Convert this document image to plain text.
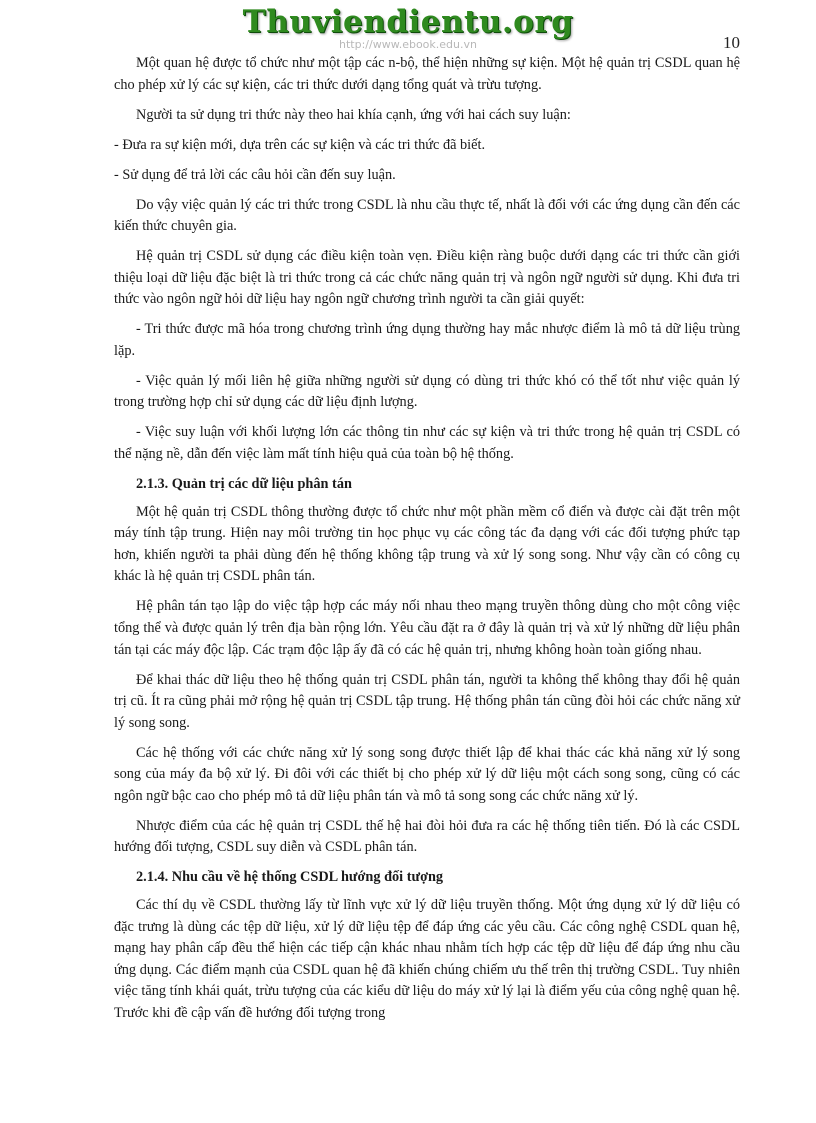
Thuviendientu.org
http://www.ebook.edu.vn	10

Một quan hệ được tổ chức như một tập các n-bộ, thể hiện những sự kiện. Một hệ quản trị CSDL quan hệ cho phép xử lý các sự kiện, các tri thức dưới dạng tổng quát và trừu tượng.

Người ta sử dụng tri thức này theo hai khía cạnh, ứng với hai cách suy luận:

- Đưa ra sự kiện mới, dựa trên các sự kiện và các tri thức đã biết.

- Sử dụng để trả lời các câu hỏi cần đến suy luận.

Do vậy việc quản lý các tri thức trong CSDL là nhu cầu thực tế, nhất là đối với các ứng dụng cần đến các kiến thức chuyên gia.

Hệ quản trị CSDL sử dụng các điều kiện toàn vẹn. Điều kiện ràng buộc dưới dạng các tri thức cần giới thiệu loại dữ liệu đặc biệt là tri thức trong cả các chức năng quản trị và ngôn ngữ người sử dụng. Khi đưa tri thức vào ngôn ngữ hỏi dữ liệu hay ngôn ngữ chương trình người ta cần giải quyết:

- Tri thức được mã hóa trong chương trình ứng dụng thường hay mắc nhược điểm là mô tả dữ liệu trùng lặp.

- Việc quản lý mối liên hệ giữa những người sử dụng có dùng tri thức khó có thể tốt như việc quản lý trong trường hợp chỉ sử dụng các dữ liệu định lượng.

- Việc suy luận với khối lượng lớn các thông tin như các sự kiện và tri thức trong hệ quản trị CSDL có thể nặng nề, dẫn đến việc làm mất tính hiệu quả của toàn bộ hệ thống.

2.1.3. Quản trị các dữ liệu phân tán

Một hệ quản trị CSDL thông thường được tổ chức như một phần mềm cổ điển và được cài đặt trên một máy tính tập trung. Hiện nay môi trường tin học phục vụ các công tác đa dạng với các đối tượng phức tạp hơn, khiến người ta phải dùng đến hệ thống không tập trung và xử lý song song. Như vậy cần có công cụ khác là hệ quản trị CSDL phân tán.

Hệ phân tán tạo lập do việc tập hợp các máy nối nhau theo mạng truyền thông dùng cho một công việc tổng thể và được quản lý trên địa bàn rộng lớn. Yêu cầu đặt ra ở đây là quản trị và xử lý những dữ liệu phân tán tại các máy độc lập. Các trạm độc lập ấy đã có các hệ quản trị, nhưng không hoàn toàn giống nhau.

Để khai thác dữ liệu theo hệ thống quản trị CSDL phân tán, người ta không thể không thay đổi hệ quản trị cũ. Ít ra cũng phải mở rộng hệ quản trị CSDL tập trung. Hệ thống phân tán cũng đòi hỏi các chức năng xử lý song song.

Các hệ thống với các chức năng xử lý song song được thiết lập để khai thác các khả năng xử lý song song của máy đa bộ xử lý. Đi đôi với các thiết bị cho phép xử lý dữ liệu một cách song song, cũng có các ngôn ngữ bậc cao cho phép mô tả dữ liệu phân tán và mô tả song song các chức năng xử lý.

Nhược điểm của các hệ quản trị CSDL thế hệ hai đòi hỏi đưa ra các hệ thống tiên tiến. Đó là các CSDL hướng đối tượng, CSDL suy diễn và CSDL phân tán.

2.1.4. Nhu cầu về hệ thống CSDL hướng đối tượng

Các thí dụ về CSDL thường lấy từ lĩnh vực xử lý dữ liệu truyền thống. Một ứng dụng xử lý dữ liệu có đặc trưng là dùng các tệp dữ liệu, xử lý dữ liệu tệp để đáp ứng các yêu cầu. Các công nghệ CSDL quan hệ, mạng hay phân cấp đều thể hiện các tiếp cận khác nhau nhằm tích hợp các tệp dữ liệu để đáp ứng nhu cầu ứng dụng. Các điểm mạnh của CSDL quan hệ đã khiến chúng chiếm ưu thế trên thị trường CSDL. Tuy nhiên việc tăng tính khái quát, trừu tượng của các kiểu dữ liệu do máy xử lý lại là điểm yếu của công nghệ quan hệ. Trước khi đề cập vấn đề hướng đối tượng trong
